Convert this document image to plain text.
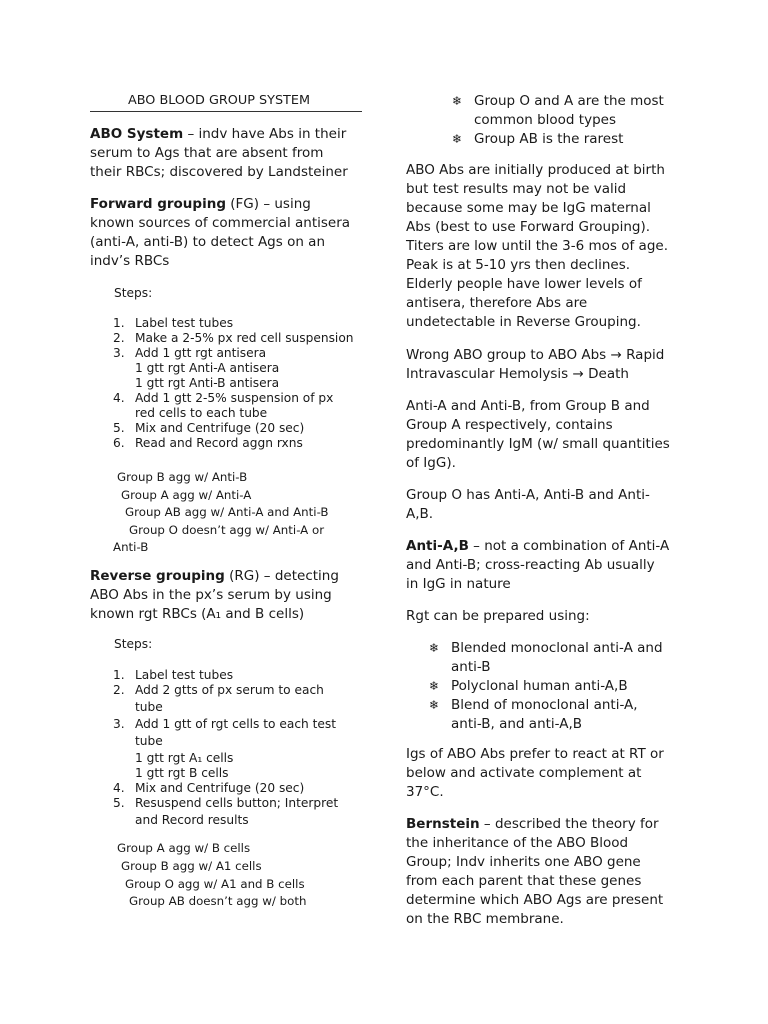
ABO BLOOD GROUP SYSTEM
ABO System – indv have Abs in their
serum to Ags that are absent from
their RBCs; discovered by Landsteiner
Forward grouping (FG) – using
known sources of commercial antisera
(anti-A, anti-B) to detect Ags on an
indv’s RBCs
Steps:
1. Label test tubes
2. Make a 2-5% px red cell suspension
3. Add 1 gtt rgt antisera
1 gtt rgt Anti-A antisera
1 gtt rgt Anti-B antisera
4. Add 1 gtt 2-5% suspension of px
red cells to each tube
5. Mix and Centrifuge (20 sec)
6. Read and Record aggn rxns
Group B agg w/ Anti-B
Group A agg w/ Anti-A
Group AB agg w/ Anti-A and Anti-B
Group O doesn’t agg w/ Anti-A or
Anti-B
Reverse grouping (RG) – detecting
ABO Abs in the px’s serum by using
known rgt RBCs (A₁ and B cells)
Steps:
1. Label test tubes
2. Add 2 gtts of px serum to each
tube
3. Add 1 gtt of rgt cells to each test
tube
1 gtt rgt A₁ cells
1 gtt rgt B cells
4. Mix and Centrifuge (20 sec)
5. Resuspend cells button; Interpret
and Record results
Group A agg w/ B cells
Group B agg w/ A1 cells
Group O agg w/ A1 and B cells
Group AB doesn’t agg w/ both
❄ Group O and A are the most
common blood types
❄ Group AB is the rarest
ABO Abs are initially produced at birth
but test results may not be valid
because some may be IgG maternal
Abs (best to use Forward Grouping).
Titers are low until the 3-6 mos of age.
Peak is at 5-10 yrs then declines.
Elderly people have lower levels of
antisera, therefore Abs are
undetectable in Reverse Grouping.
Wrong ABO group to ABO Abs → Rapid
Intravascular Hemolysis → Death
Anti-A and Anti-B, from Group B and
Group A respectively, contains
predominantly IgM (w/ small quantities
of IgG).
Group O has Anti-A, Anti-B and Anti-
A,B.
Anti-A,B – not a combination of Anti-A
and Anti-B; cross-reacting Ab usually
in IgG in nature
Rgt can be prepared using:
❄ Blended monoclonal anti-A and
anti-B
❄ Polyclonal human anti-A,B
❄ Blend of monoclonal anti-A,
anti-B, and anti-A,B
Igs of ABO Abs prefer to react at RT or
below and activate complement at
37°C.
Bernstein – described the theory for
the inheritance of the ABO Blood
Group; Indv inherits one ABO gene
from each parent that these genes
determine which ABO Ags are present
on the RBC membrane.
